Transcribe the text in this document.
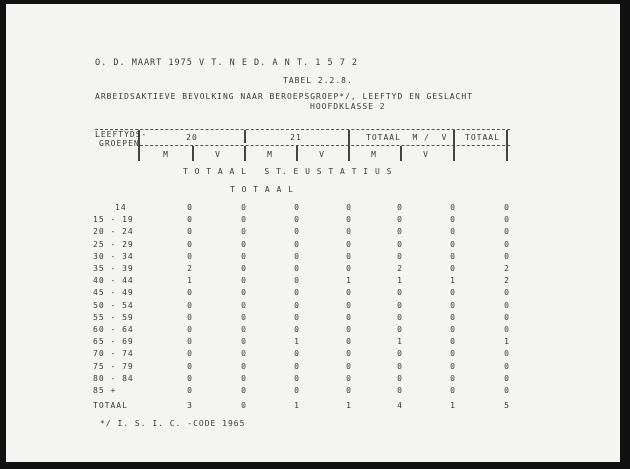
O. D. MAART 1975 V T. N E D. A N T. 1 5 7 2
TABEL 2.2.8.
ARBEIDSAKTIEVE BEVOLKING NAAR BEROEPSGROEP*/, LEEFTYD EN GESLACHT
HOOFDKLASSE 2
LEEFTYDS-
GROEPEN
20	21	TOTAAL  M /  V TOTAAL
M	V	M	V	M	V
T O T A A L   S T. E U S T A T I U S
T O T A A L
14	0	0	0	0	0	0	0
15 - 19	0	0	0	0	0	0	0
20 - 24	0	0	0	0	0	0	0
25 - 29	0	0	0	0	0	0	0
30 - 34	0	0	0	0	0	0	0
35 - 39	2	0	0	0	2	0	2
40 - 44	1	0	0	1	1	1	2
45 - 49	0	0	0	0	0	0	0
50 - 54	0	0	0	0	0	0	0
55 - 59	0	0	0	0	0	0	0
60 - 64	0	0	0	0	0	0	0
65 - 69	0	0	1	0	1	0	1
70 - 74	0	0	0	0	0	0	0
75 - 79	0	0	0	0	0	0	0
80 - 84	0	0	0	0	0	0	0
85 +	0	0	0	0	0	0	0
TOTAAL	3	0	1	1	4	1	5
*/ I. S. I. C. -CODE 1965
